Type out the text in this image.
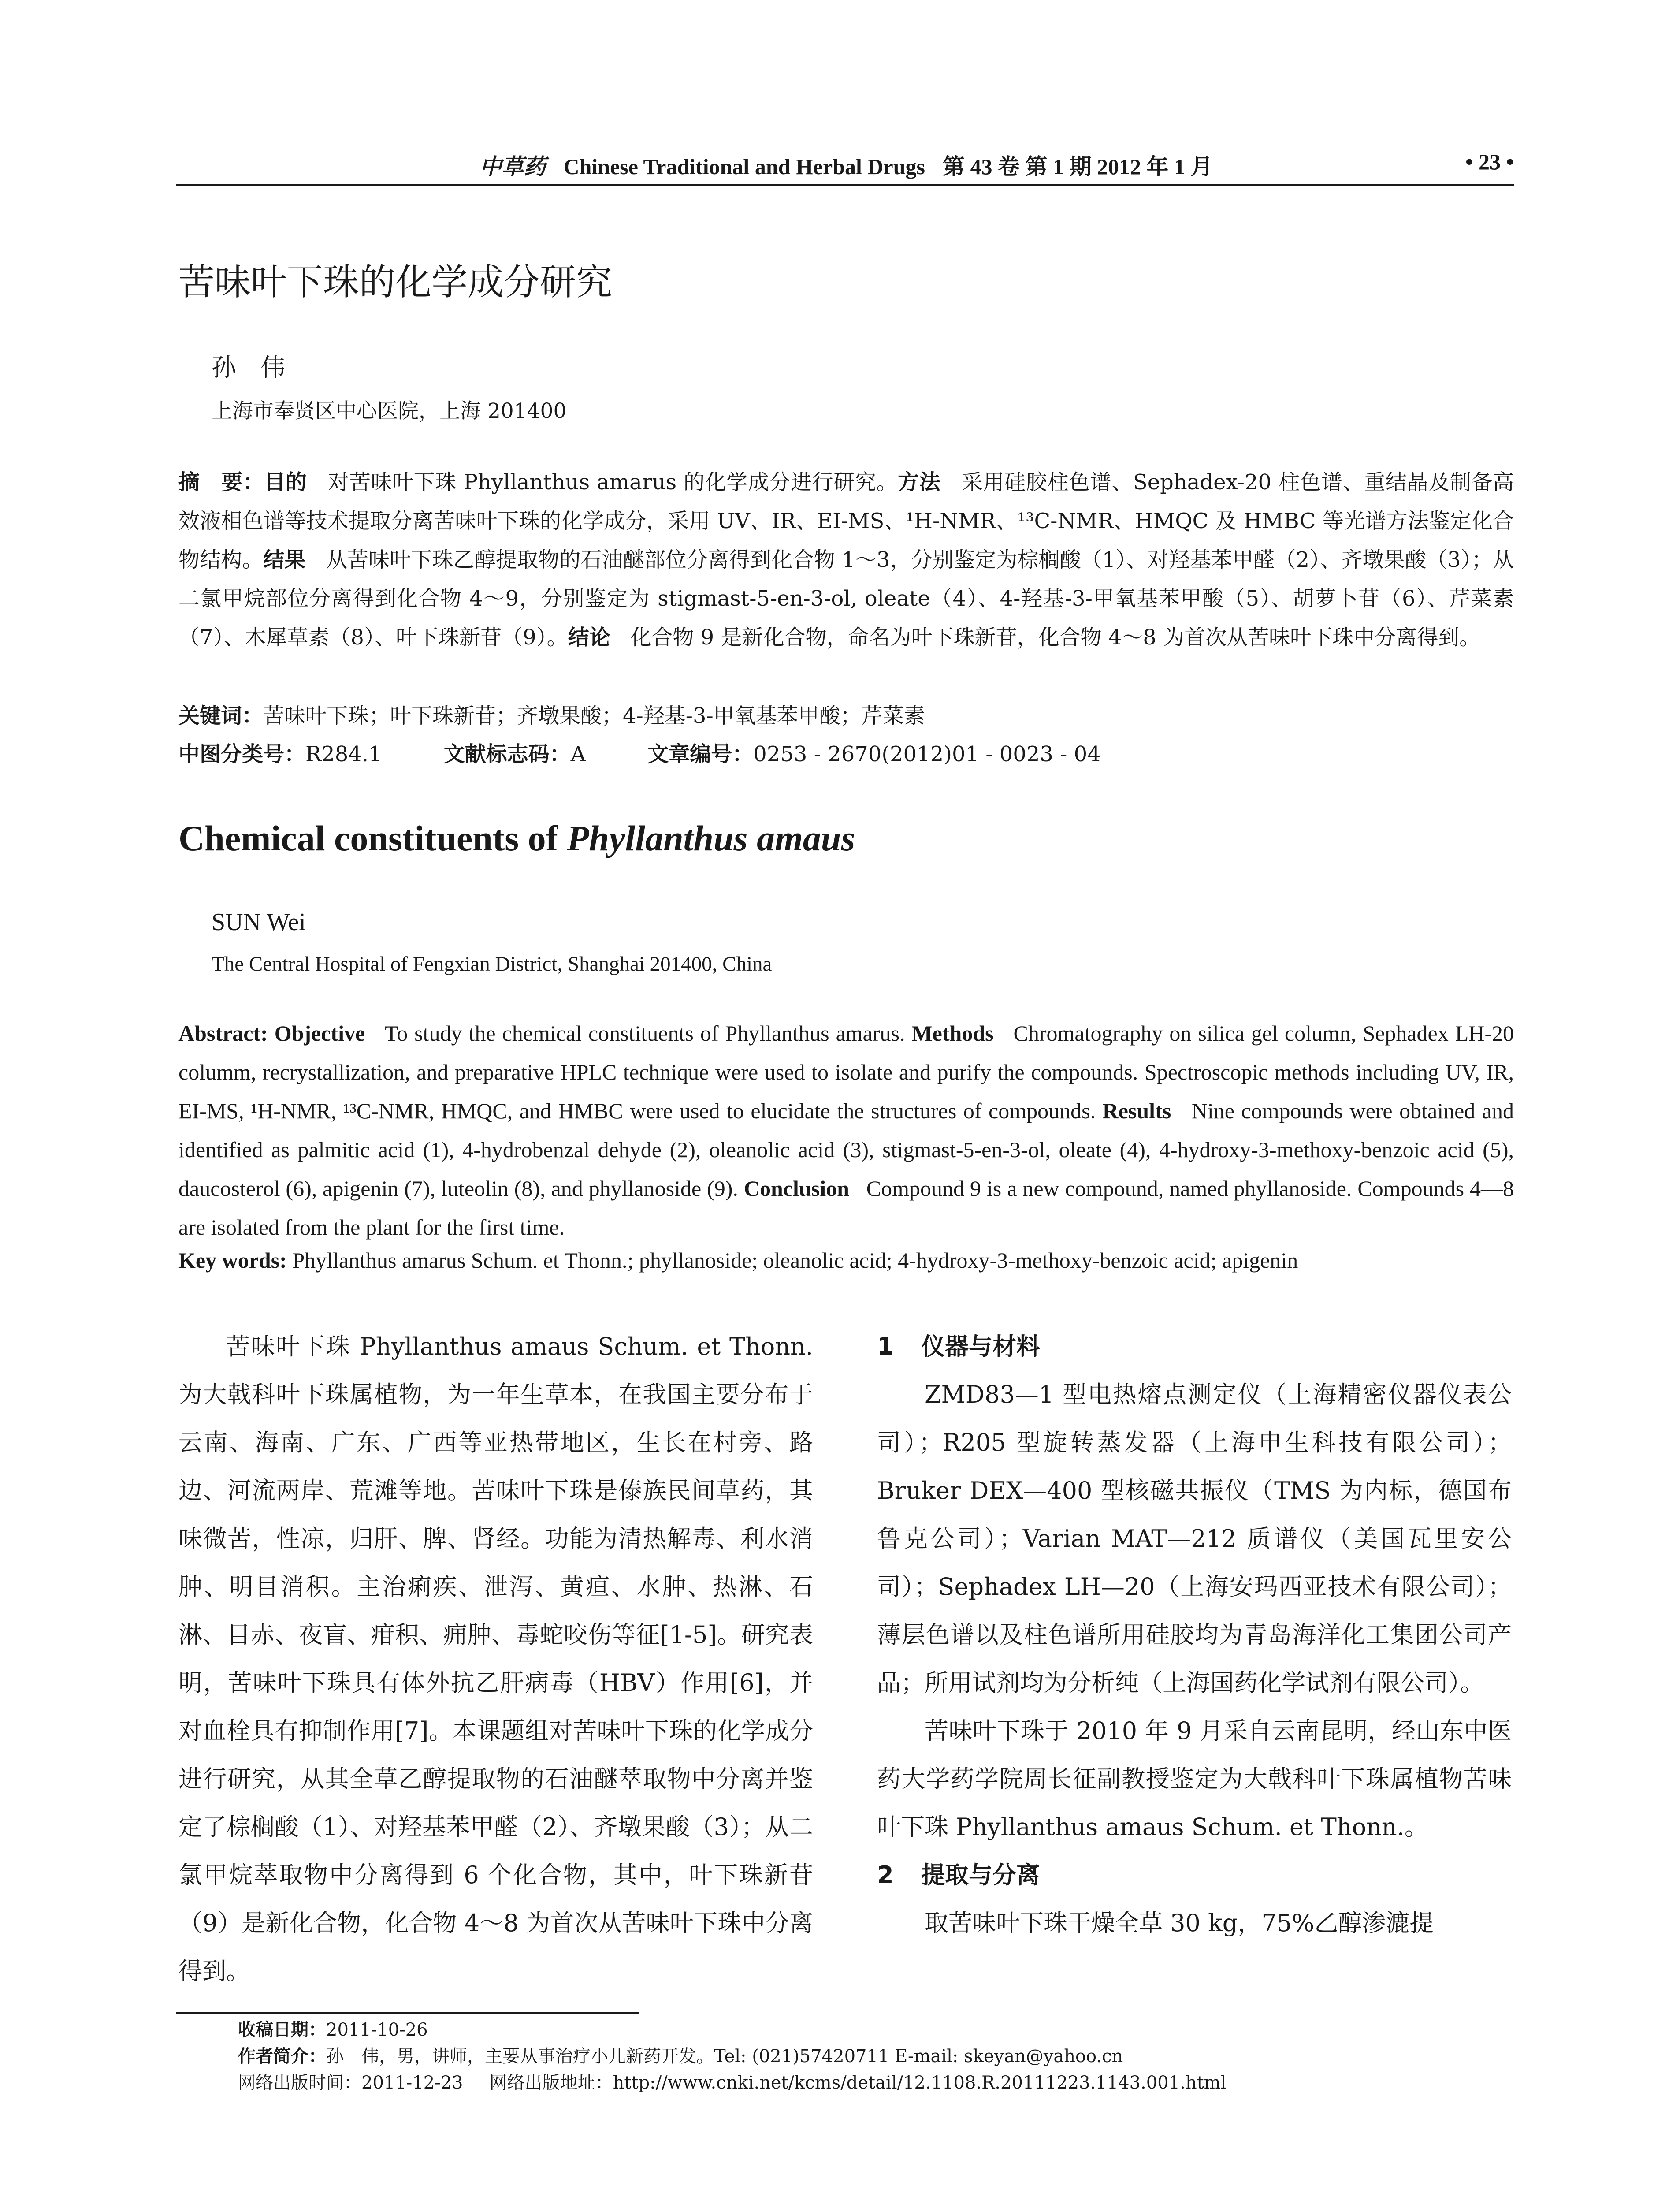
中草药 Chinese Traditional and Herbal Drugs 第 43 卷 第 1 期 2012 年 1 月	• 23 •
苦味叶下珠的化学成分研究
孙伟
上海市奉贤区中心医院，上海 201400
摘　要：目的 对苦味叶下珠 Phyllanthus amarus 的化学成分进行研究。方法 采用硅胶柱色谱、Sephadex-20 柱色谱、重结晶及制备高效液相色谱等技术提取分离苦味叶下珠的化学成分，采用 UV、IR、EI-MS、¹H-NMR、¹³C-NMR、HMQC 及 HMBC 等光谱方法鉴定化合物结构。结果 从苦味叶下珠乙醇提取物的石油醚部位分离得到化合物 1～3，分别鉴定为棕榈酸（1）、对羟基苯甲醛（2）、齐墩果酸（3）；从二氯甲烷部位分离得到化合物 4～9，分别鉴定为 stigmast-5-en-3-ol, oleate（4）、4-羟基-3-甲氧基苯甲酸（5）、胡萝卜苷（6）、芹菜素（7）、木犀草素（8）、叶下珠新苷（9）。结论 化合物 9 是新化合物，命名为叶下珠新苷，化合物 4～8 为首次从苦味叶下珠中分离得到。
关键词：苦味叶下珠；叶下珠新苷；齐墩果酸；4-羟基-3-甲氧基苯甲酸；芹菜素
中图分类号：R284.1	文献标志码：A	文章编号：0253 - 2670(2012)01 - 0023 - 04
Chemical constituents of Phyllanthus amaus
SUN Wei
The Central Hospital of Fengxian District, Shanghai 201400, China
Abstract: Objective To study the chemical constituents of Phyllanthus amarus. Methods Chromatography on silica gel column, Sephadex LH-20 columm, recrystallization, and preparative HPLC technique were used to isolate and purify the compounds. Spectroscopic methods including UV, IR, EI-MS, ¹H-NMR, ¹³C-NMR, HMQC, and HMBC were used to elucidate the structures of compounds. Results Nine compounds were obtained and identified as palmitic acid (1), 4-hydrobenzal dehyde (2), oleanolic acid (3), stigmast-5-en-3-ol, oleate (4), 4-hydroxy-3-methoxy-benzoic acid (5), daucosterol (6), apigenin (7), luteolin (8), and phyllanoside (9). Conclusion Compound 9 is a new compound, named phyllanoside. Compounds 4—8 are isolated from the plant for the first time.
Key words: Phyllanthus amarus Schum. et Thonn.; phyllanoside; oleanolic acid; 4-hydroxy-3-methoxy-benzoic acid; apigenin

苦味叶下珠 Phyllanthus amaus Schum. et Thonn. 为大戟科叶下珠属植物，为一年生草本，在我国主要分布于云南、海南、广东、广西等亚热带地区，生长在村旁、路边、河流两岸、荒滩等地。苦味叶下珠是傣族民间草药，其味微苦，性凉，归肝、脾、肾经。功能为清热解毒、利水消肿、明目消积。主治痢疾、泄泻、黄疸、水肿、热淋、石淋、目赤、夜盲、疳积、痈肿、毒蛇咬伤等征[1-5]。研究表明，苦味叶下珠具有体外抗乙肝病毒（HBV）作用[6]，并对血栓具有抑制作用[7]。本课题组对苦味叶下珠的化学成分进行研究，从其全草乙醇提取物的石油醚萃取物中分离并鉴定了棕榈酸（1）、对羟基苯甲醛（2）、齐墩果酸（3）；从二氯甲烷萃取物中分离得到 6 个化合物，其中，叶下珠新苷（9）是新化合物，化合物 4～8 为首次从苦味叶下珠中分离得到。

1 仪器与材料

ZMD83—1 型电热熔点测定仪（上海精密仪器仪表公司）；R205 型旋转蒸发器（上海申生科技有限公司）；Bruker DEX—400 型核磁共振仪（TMS 为内标，德国布鲁克公司）；Varian MAT—212 质谱仪（美国瓦里安公司）；Sephadex LH—20（上海安玛西亚技术有限公司）；薄层色谱以及柱色谱所用硅胶均为青岛海洋化工集团公司产品；所用试剂均为分析纯（上海国药化学试剂有限公司）。

苦味叶下珠于 2010 年 9 月采自云南昆明，经山东中医药大学药学院周长征副教授鉴定为大戟科叶下珠属植物苦味叶下珠 Phyllanthus amaus Schum. et Thonn.。

2 提取与分离

取苦味叶下珠干燥全草 30 kg，75%乙醇渗漉提

收稿日期：2011-10-26
作者简介：孙　伟，男，讲师，主要从事治疗小儿新药开发。Tel: (021)57420711 E-mail: skeyan@yahoo.cn
网络出版时间：2011-12-23 网络出版地址：http://www.cnki.net/kcms/detail/12.1108.R.20111223.1143.001.html
